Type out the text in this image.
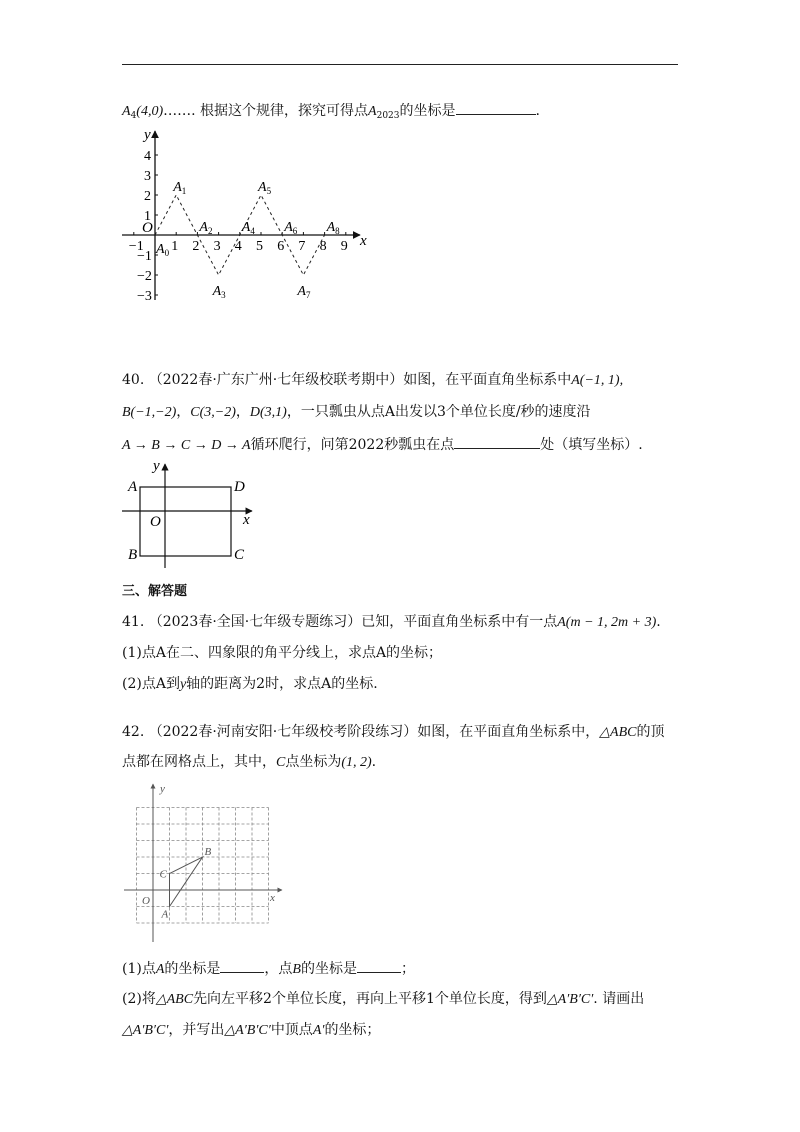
$A_4(4,0)\dots\dots$. 根据这个规律，探究可得点$A_{2023}$的坐标是	.
x
y
O
−1 1 2 3 4 5 6 7 8 9
4
3
2
1
−1
−2
−3
$A_0$
$A_1$
$A_2$
$A_3$
$A_4$
$A_5$
$A_6$
$A_7$
$A_8$
40. （2022春·广东广州·七年级校联考期中）如图，在平面直角坐标系中A(−1, 1),
B(−1,−2)，C(3,−2)，D(3,1)，一只瓢虫从点A出发以3个单位长度/秒的速度沿
A → B → C → D → A循环爬行，问第2022秒瓢虫在点	处（填写坐标）.
A	D
B	C
O	x
y
三、解答题
41. （2023春·全国·七年级专题练习）已知，平面直角坐标系中有一点A(m − 1, 2m + 3).
(1)点A在二、四象限的角平分线上，求点A的坐标；
(2)点A到y轴的距离为2时，求点A的坐标.
42. （2022春·河南安阳·七年级校考阶段练习）如图，在平面直角坐标系中，△ABC的顶
点都在网格点上，其中，C点坐标为(1, 2).
O	x
y
A
B
C
(1)点A的坐标是	，点B的坐标是	；
(2)将△ABC先向左平移2个单位长度，再向上平移1个单位长度，得到△A′B′C′. 请画出
△A′B′C′，并写出△A′B′C′中顶点A′的坐标；
